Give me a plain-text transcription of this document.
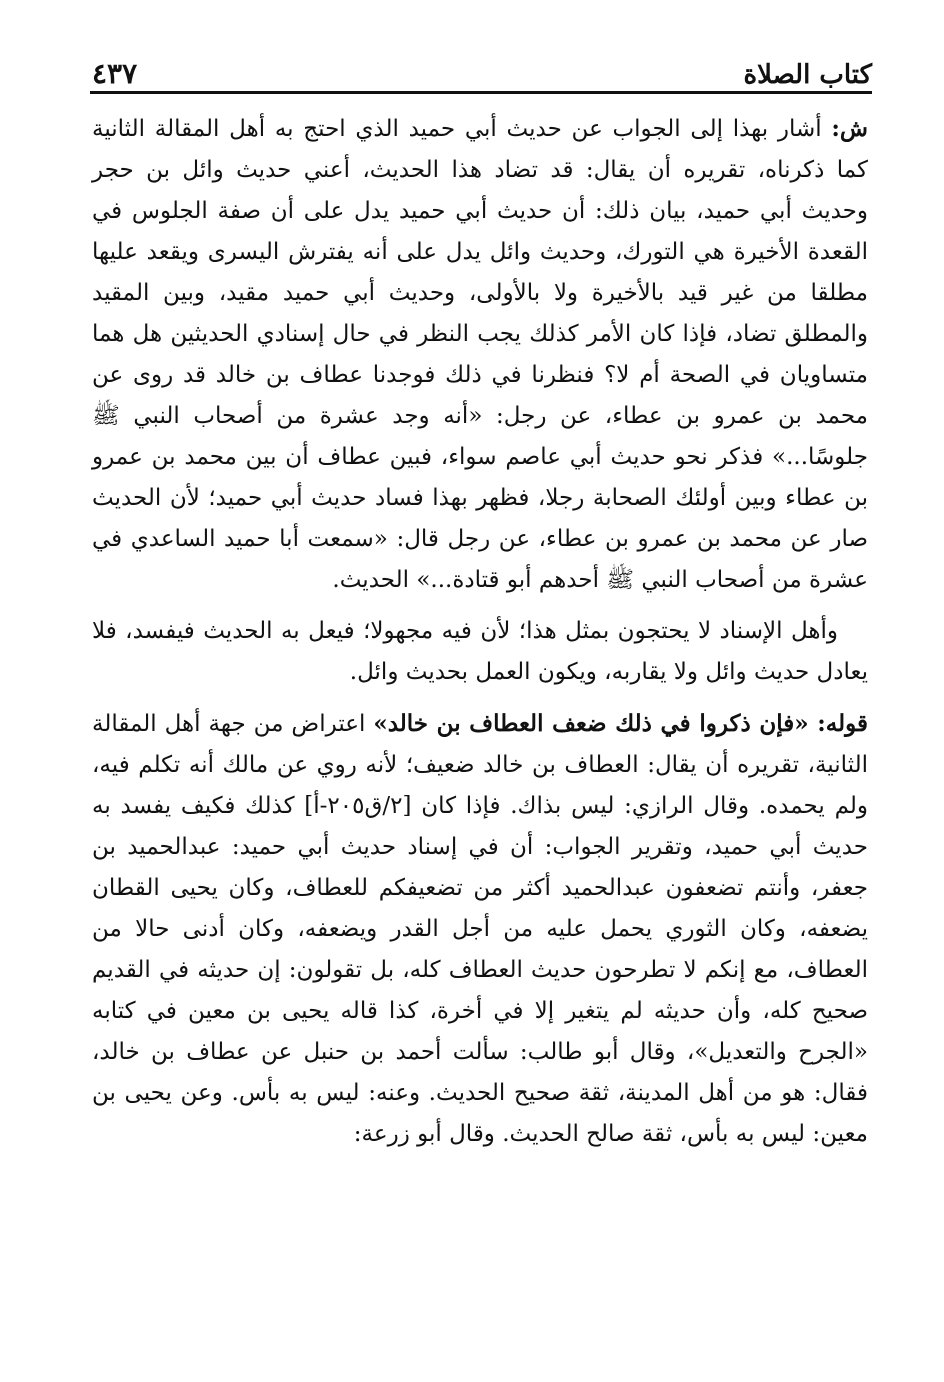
كتاب الصلاة
٤٣٧

ش: أشار بهذا إلى الجواب عن حديث أبي حميد الذي احتج به أهل المقالة الثانية كما ذكرناه، تقريره أن يقال: قد تضاد هذا الحديث، أعني حديث وائل بن حجر وحديث أبي حميد، بيان ذلك: أن حديث أبي حميد يدل على أن صفة الجلوس في القعدة الأخيرة هي التورك، وحديث وائل يدل على أنه يفترش اليسرى ويقعد عليها مطلقا من غير قيد بالأخيرة ولا بالأولى، وحديث أبي حميد مقيد، وبين المقيد والمطلق تضاد، فإذا كان الأمر كذلك يجب النظر في حال إسنادي الحديثين هل هما متساويان في الصحة أم لا؟ فنظرنا في ذلك فوجدنا عطاف بن خالد قد روى عن محمد بن عمرو بن عطاء، عن رجل: «أنه وجد عشرة من أصحاب النبي ﷺ جلوسًا...» فذكر نحو حديث أبي عاصم سواء، فبين عطاف أن بين محمد بن عمرو بن عطاء وبين أولئك الصحابة رجلا، فظهر بهذا فساد حديث أبي حميد؛ لأن الحديث صار عن محمد بن عمرو بن عطاء، عن رجل قال: «سمعت أبا حميد الساعدي في عشرة من أصحاب النبي ﷺ أحدهم أبو قتادة...» الحديث.

وأهل الإسناد لا يحتجون بمثل هذا؛ لأن فيه مجهولا؛ فيعل به الحديث فيفسد، فلا يعادل حديث وائل ولا يقاربه، ويكون العمل بحديث وائل.

قوله: «فإن ذكروا في ذلك ضعف العطاف بن خالد» اعتراض من جهة أهل المقالة الثانية، تقريره أن يقال: العطاف بن خالد ضعيف؛ لأنه روي عن مالك أنه تكلم فيه، ولم يحمده. وقال الرازي: ليس بذاك. فإذا كان [٢/ق٢٠٥-أ] كذلك فكيف يفسد به حديث أبي حميد، وتقرير الجواب: أن في إسناد حديث أبي حميد: عبدالحميد بن جعفر، وأنتم تضعفون عبدالحميد أكثر من تضعيفكم للعطاف، وكان يحيى القطان يضعفه، وكان الثوري يحمل عليه من أجل القدر ويضعفه، وكان أدنى حالا من العطاف، مع إنكم لا تطرحون حديث العطاف كله، بل تقولون: إن حديثه في القديم صحيح كله، وأن حديثه لم يتغير إلا في أخرة، كذا قاله يحيى بن معين في كتابه «الجرح والتعديل»، وقال أبو طالب: سألت أحمد بن حنبل عن عطاف بن خالد، فقال: هو من أهل المدينة، ثقة صحيح الحديث. وعنه: ليس به بأس. وعن يحيى بن معين: ليس به بأس، ثقة صالح الحديث. وقال أبو زرعة:
